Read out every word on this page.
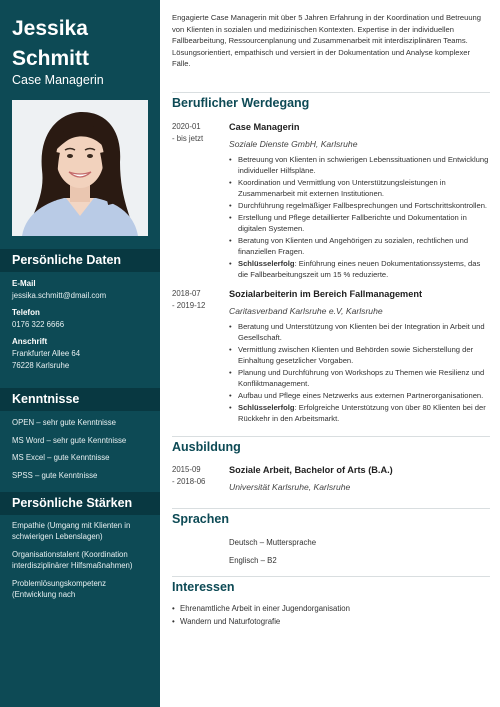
Jessika
Schmitt
Case Managerin
Persönliche Daten
E-Mail
jessika.schmitt@dmail.com
Telefon
0176 322 6666
Anschrift
Frankfurter Allee 64
76228 Karlsruhe
Kenntnisse
OPEN – sehr gute Kenntnisse
MS Word – sehr gute Kenntnisse
MS Excel – gute Kenntnisse
SPSS – gute Kenntnisse
Persönliche Stärken
Empathie (Umgang mit Klienten in
schwierigen Lebenslagen)
Organisationstalent (Koordination
interdisziplinärer Hilfsmaßnahmen)
Problemlösungskompetenz
(Entwicklung nach

Engagierte Case Managerin mit über 5 Jahren Erfahrung in der Koordination und Betreuung von Klienten in sozialen und medizinischen Kontexten. Expertise in der individuellen Fallbearbeitung, Ressourcenplanung und Zusammenarbeit mit interdisziplinären Teams. Lösungsorientiert, empathisch und versiert in der Dokumentation und Analyse komplexer Fälle.

Beruflicher Werdegang
2020-01
- bis jetzt
Case Managerin
Soziale Dienste GmbH, Karlsruhe
• Betreuung von Klienten in schwierigen Lebenssituationen und Entwicklung individueller Hilfspläne.
• Koordination und Vermittlung von Unterstützungsleistungen in Zusammenarbeit mit externen Institutionen.
• Durchführung regelmäßiger Fallbesprechungen und Fortschrittskontrollen.
• Erstellung und Pflege detaillierter Fallberichte und Dokumentation in digitalen Systemen.
• Beratung von Klienten und Angehörigen zu sozialen, rechtlichen und finanziellen Fragen.
• Schlüsselerfolg: Einführung eines neuen Dokumentationssystems, das die Fallbearbeitungszeit um 15 % reduzierte.
2018-07
- 2019-12
Sozialarbeiterin im Bereich Fallmanagement
Caritasverband Karlsruhe e.V, Karlsruhe
• Beratung und Unterstützung von Klienten bei der Integration in Arbeit und Gesellschaft.
• Vermittlung zwischen Klienten und Behörden sowie Sicherstellung der Einhaltung gesetzlicher Vorgaben.
• Planung und Durchführung von Workshops zu Themen wie Resilienz und Konfliktmanagement.
• Aufbau und Pflege eines Netzwerks aus externen Partnerorganisationen.
• Schlüsselerfolg: Erfolgreiche Unterstützung von über 80 Klienten bei der Rückkehr in den Arbeitsmarkt.
Ausbildung
2015-09
- 2018-06
Soziale Arbeit, Bachelor of Arts (B.A.)
Universität Karlsruhe, Karlsruhe
Sprachen
Deutsch – Muttersprache
Englisch – B2
Interessen
• Ehrenamtliche Arbeit in einer Jugendorganisation
• Wandern und Naturfotografie
